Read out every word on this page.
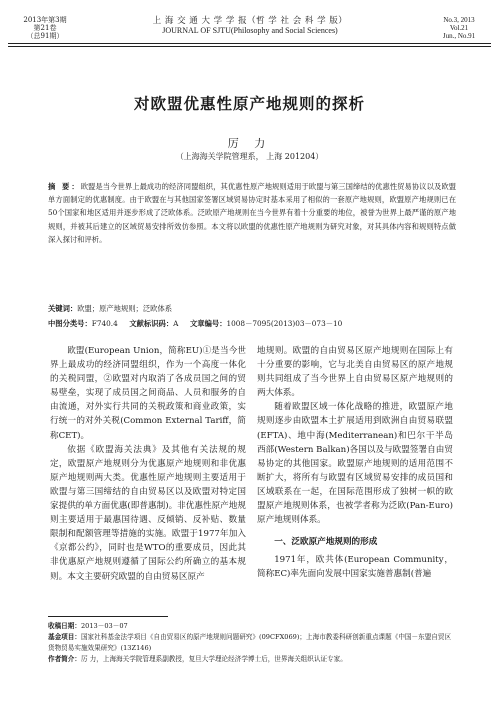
2013年第3期
第21卷
（总91期）
上 海 交 通 大 学 学 报（哲 学 社 会 科 学 版）
JOURNAL OF SJTU(Philosophy and Social Sciences)
No.3, 2013
Vol.21
Jun., No.91
对欧盟优惠性原产地规则的探析
厉 力
（上海海关学院管理系， 上海 201204）
摘 要：欧盟是当今世界上最成功的经济同盟组织，其优惠性原产地规则适用于欧盟与第三国缔结的优惠性贸易协议以及欧盟单方面制定的优惠制度。由于欧盟在与其他国家签署区域贸易协定时基本采用了相似的一套原产地规则，欧盟原产地规则已在50个国家和地区适用并逐步形成了泛欧体系。泛欧原产地规则在当今世界有着十分重要的地位，被誉为世界上最严谨的原产地规则，并被其后建立的区域贸易安排所效仿参照。本文将以欧盟的优惠性原产地规则为研究对象，对其具体内容和规则特点做深入探讨和评析。
关键词：欧盟；原产地规则；泛欧体系
中图分类号：F740.4 文献标识码：A 文章编号：1008－7095(2013)03－073－10

欧盟(European Union，简称EU)①是当今世界上最成功的经济同盟组织，作为一个高度一体化的关税同盟，②欧盟对内取消了各成员国之间的贸易壁垒，实现了成员国之间商品、人员和服务的自由流通，对外实行共同的关税政策和商业政策，实行统一的对外关税(Common External Tariff，简称CET)。

依据《欧盟海关法典》及其他有关法规的规定，欧盟原产地规则分为优惠原产地规则和非优惠原产地规则两大类。优惠性原产地规则主要适用于欧盟与第三国缔结的自由贸易区以及欧盟对特定国家提供的单方面优惠(即普惠制)。非优惠性原产地规则主要适用于最惠国待遇、反倾销、反补贴、数量限制和配额管理等措施的实施。欧盟于1977年加入《京都公约》，同时也是WTO的重要成员，因此其非优惠原产地规则遵循了国际公约所确立的基本规则。本文主要研究欧盟的自由贸易区原产

地规则。欧盟的自由贸易区原产地规则在国际上有十分重要的影响，它与北美自由贸易区的原产地规则共同组成了当今世界上自由贸易区原产地规则的两大体系。

随着欧盟区域一体化战略的推进，欧盟原产地规则逐步由欧盟本土扩展适用到欧洲自由贸易联盟(EFTA)、地中海(Mediterranean)和巴尔干半岛西部(Western Balkan)各国以及与欧盟签署自由贸易协定的其他国家。欧盟原产地规则的适用范围不断扩大，将所有与欧盟有区域贸易安排的成员国和区域联系在一起，在国际范围形成了独树一帜的欧盟原产地规则体系，也被学者称为泛欧(Pan-Euro)原产地规则体系。

一、泛欧原产地规则的形成

1971年，欧共体(European Community，简称EC)率先面向发展中国家实施普惠制(普遍

收稿日期：2013－03－07

基金项目：国家社科基金法学项目《自由贸易区的原产地规则问题研究》(09CFX069)；上海市教委科研创新重点课题《中国－东盟自贸区货物贸易实施效果研究》(13Z146)

作者简介：厉 力，上海海关学院管理系副教授，复旦大学理论经济学博士后，世界海关组织认证专家。
